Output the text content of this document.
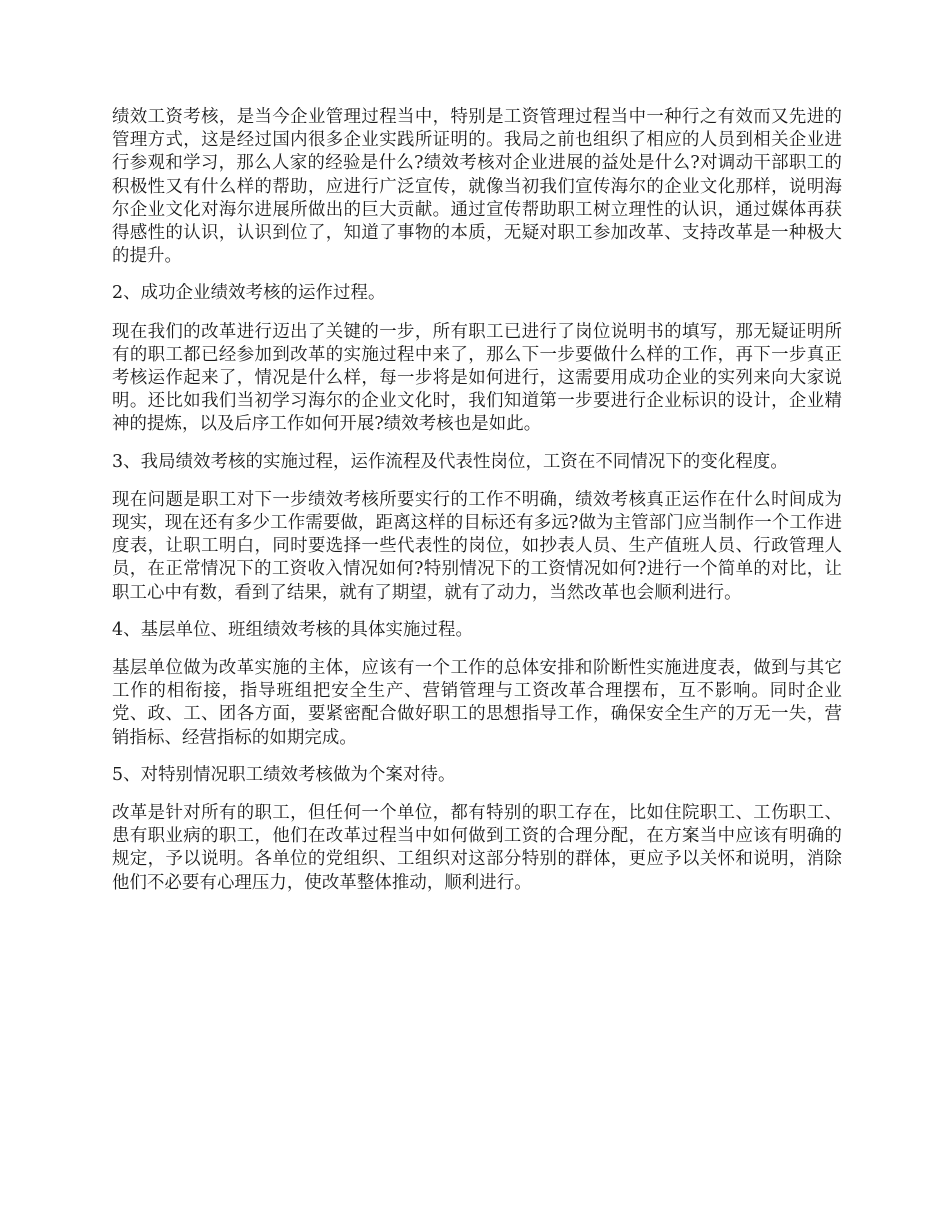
绩效工资考核，是当今企业管理过程当中，特别是工资管理过程当中一种行之有效而又先进的管理方式，这是经过国内很多企业实践所证明的。我局之前也组织了相应的人员到相关企业进行参观和学习，那么人家的经验是什么?绩效考核对企业进展的益处是什么?对调动干部职工的积极性又有什么样的帮助，应进行广泛宣传，就像当初我们宣传海尔的企业文化那样，说明海尔企业文化对海尔进展所做出的巨大贡献。通过宣传帮助职工树立理性的认识，通过媒体再获得感性的认识，认识到位了，知道了事物的本质，无疑对职工参加改革、支持改革是一种极大的提升。

2、成功企业绩效考核的运作过程。

现在我们的改革进行迈出了关键的一步，所有职工已进行了岗位说明书的填写，那无疑证明所有的职工都已经参加到改革的实施过程中来了，那么下一步要做什么样的工作，再下一步真正考核运作起来了，情况是什么样，每一步将是如何进行，这需要用成功企业的实列来向大家说明。还比如我们当初学习海尔的企业文化时，我们知道第一步要进行企业标识的设计，企业精神的提炼，以及后序工作如何开展?绩效考核也是如此。

3、我局绩效考核的实施过程，运作流程及代表性岗位，工资在不同情况下的变化程度。

现在问题是职工对下一步绩效考核所要实行的工作不明确，绩效考核真正运作在什么时间成为现实，现在还有多少工作需要做，距离这样的目标还有多远?做为主管部门应当制作一个工作进度表，让职工明白，同时要选择一些代表性的岗位，如抄表人员、生产值班人员、行政管理人员，在正常情况下的工资收入情况如何?特别情况下的工资情况如何?进行一个简单的对比，让职工心中有数，看到了结果，就有了期望，就有了动力，当然改革也会顺利进行。

4、基层单位、班组绩效考核的具体实施过程。

基层单位做为改革实施的主体，应该有一个工作的总体安排和阶断性实施进度表，做到与其它工作的相衔接，指导班组把安全生产、营销管理与工资改革合理摆布，互不影响。同时企业党、政、工、团各方面，要紧密配合做好职工的思想指导工作，确保安全生产的万无一失，营销指标、经营指标的如期完成。

5、对特别情况职工绩效考核做为个案对待。

改革是针对所有的职工，但任何一个单位，都有特别的职工存在，比如住院职工、工伤职工、患有职业病的职工，他们在改革过程当中如何做到工资的合理分配，在方案当中应该有明确的规定，予以说明。各单位的党组织、工组织对这部分特别的群体，更应予以关怀和说明，消除他们不必要有心理压力，使改革整体推动，顺利进行。
